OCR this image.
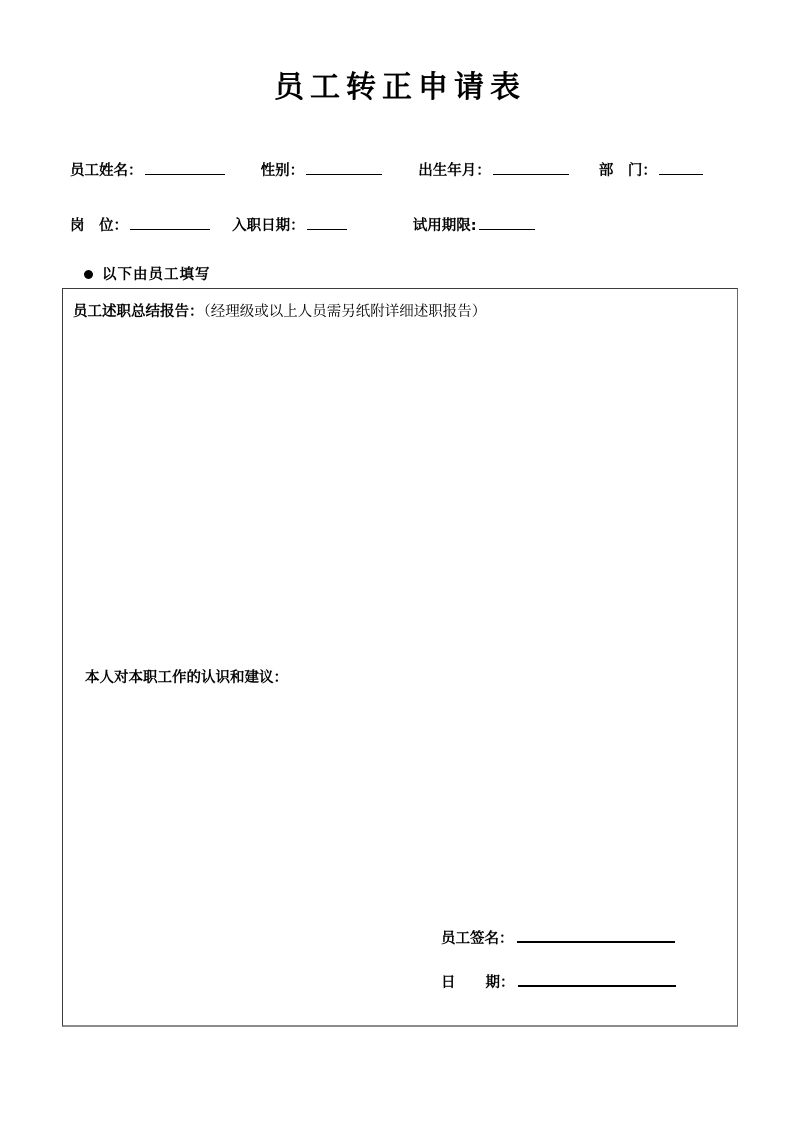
员工转正申请表
员工姓名：	性别：	出生年月：	部　门：
岗　位：	入职日期：	试用期限:
以下由员工填写
员工述职总结报告：（经理级或以上人员需另纸附详细述职报告）
本人对本职工作的认识和建议：
员工签名：
日 期：
